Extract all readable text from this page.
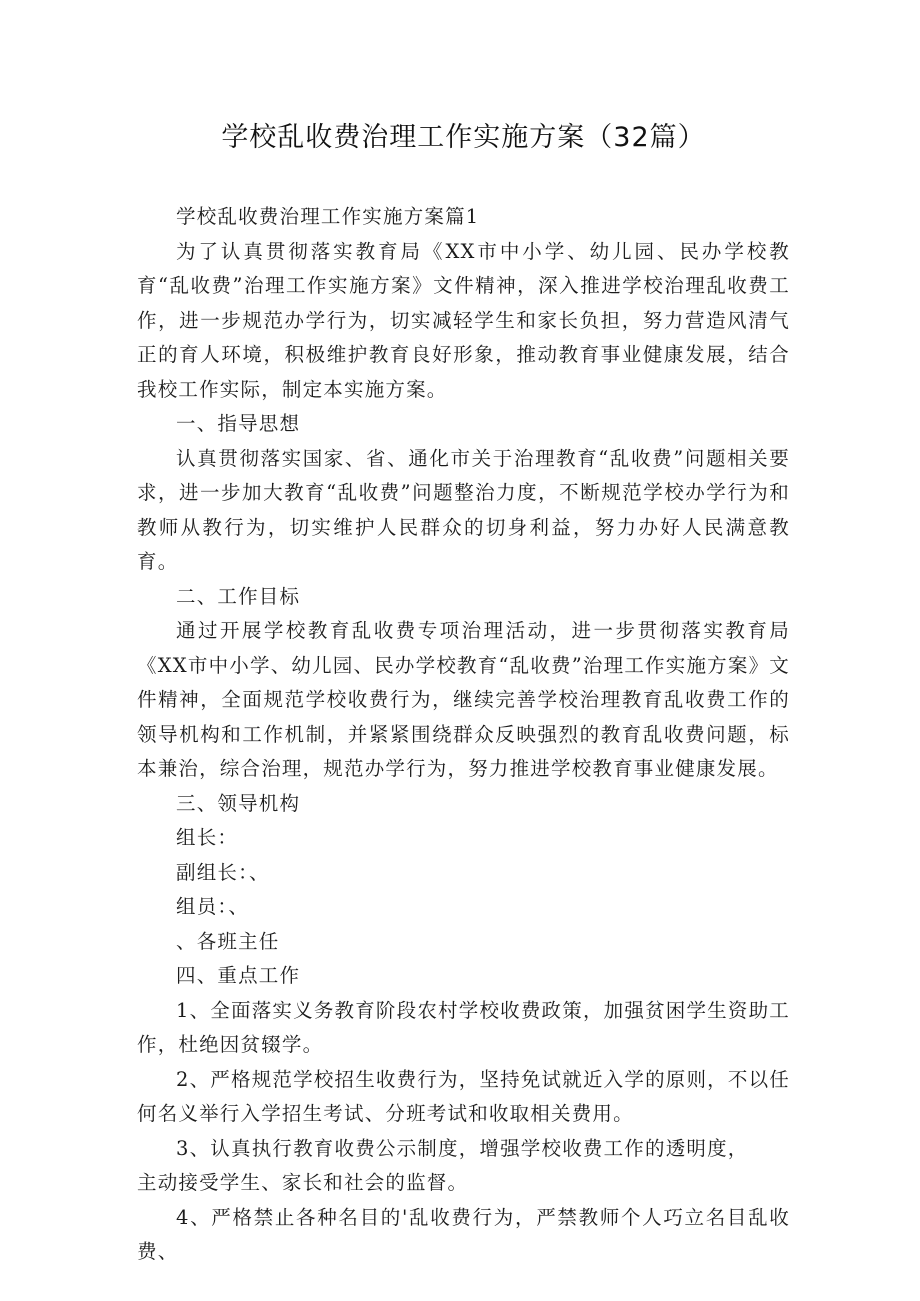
学校乱收费治理工作实施方案（32篇）

学校乱收费治理工作实施方案篇1

为了认真贯彻落实教育局《XX市中小学、幼儿园、民办学校教育“乱收费”治理工作实施方案》文件精神，深入推进学校治理乱收费工作，进一步规范办学行为，切实减轻学生和家长负担，努力营造风清气正的育人环境，积极维护教育良好形象，推动教育事业健康发展，结合我校工作实际，制定本实施方案。

一、指导思想

认真贯彻落实国家、省、通化市关于治理教育“乱收费”问题相关要求，进一步加大教育“乱收费”问题整治力度，不断规范学校办学行为和教师从教行为，切实维护人民群众的切身利益，努力办好人民满意教育。

二、工作目标

通过开展学校教育乱收费专项治理活动，进一步贯彻落实教育局《XX市中小学、幼儿园、民办学校教育“乱收费”治理工作实施方案》文件精神，全面规范学校收费行为，继续完善学校治理教育乱收费工作的领导机构和工作机制，并紧紧围绕群众反映强烈的教育乱收费问题，标本兼治，综合治理，规范办学行为，努力推进学校教育事业健康发展。

三、领导机构

组长：

副组长：、

组员：、

、各班主任

四、重点工作

1、全面落实义务教育阶段农村学校收费政策，加强贫困学生资助工作，杜绝因贫辍学。

2、严格规范学校招生收费行为，坚持免试就近入学的原则，不以任何名义举行入学招生考试、分班考试和收取相关费用。

3、认真执行教育收费公示制度，增强学校收费工作的透明度，

主动接受学生、家长和社会的监督。

4、严格禁止各种名目的'乱收费行为，严禁教师个人巧立名目乱收费、
